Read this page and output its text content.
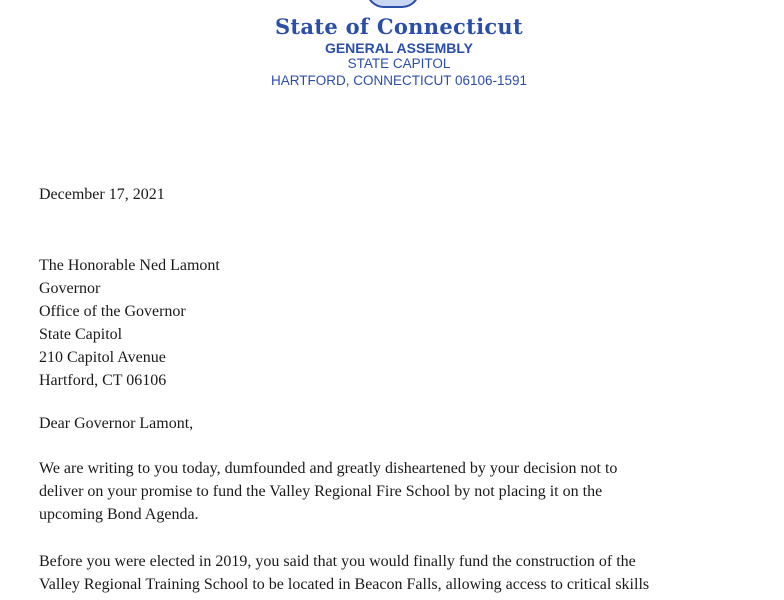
State of Connecticut
GENERAL ASSEMBLY
STATE CAPITOL
HARTFORD, CONNECTICUT 06106-1591
December 17, 2021
The Honorable Ned Lamont
Governor
Office of the Governor
State Capitol
210 Capitol Avenue
Hartford, CT 06106
Dear Governor Lamont,
We are writing to you today, dumfounded and greatly disheartened by your decision not to
deliver on your promise to fund the Valley Regional Fire School by not placing it on the
upcoming Bond Agenda.
Before you were elected in 2019, you said that you would finally fund the construction of the
Valley Regional Training School to be located in Beacon Falls, allowing access to critical skills
